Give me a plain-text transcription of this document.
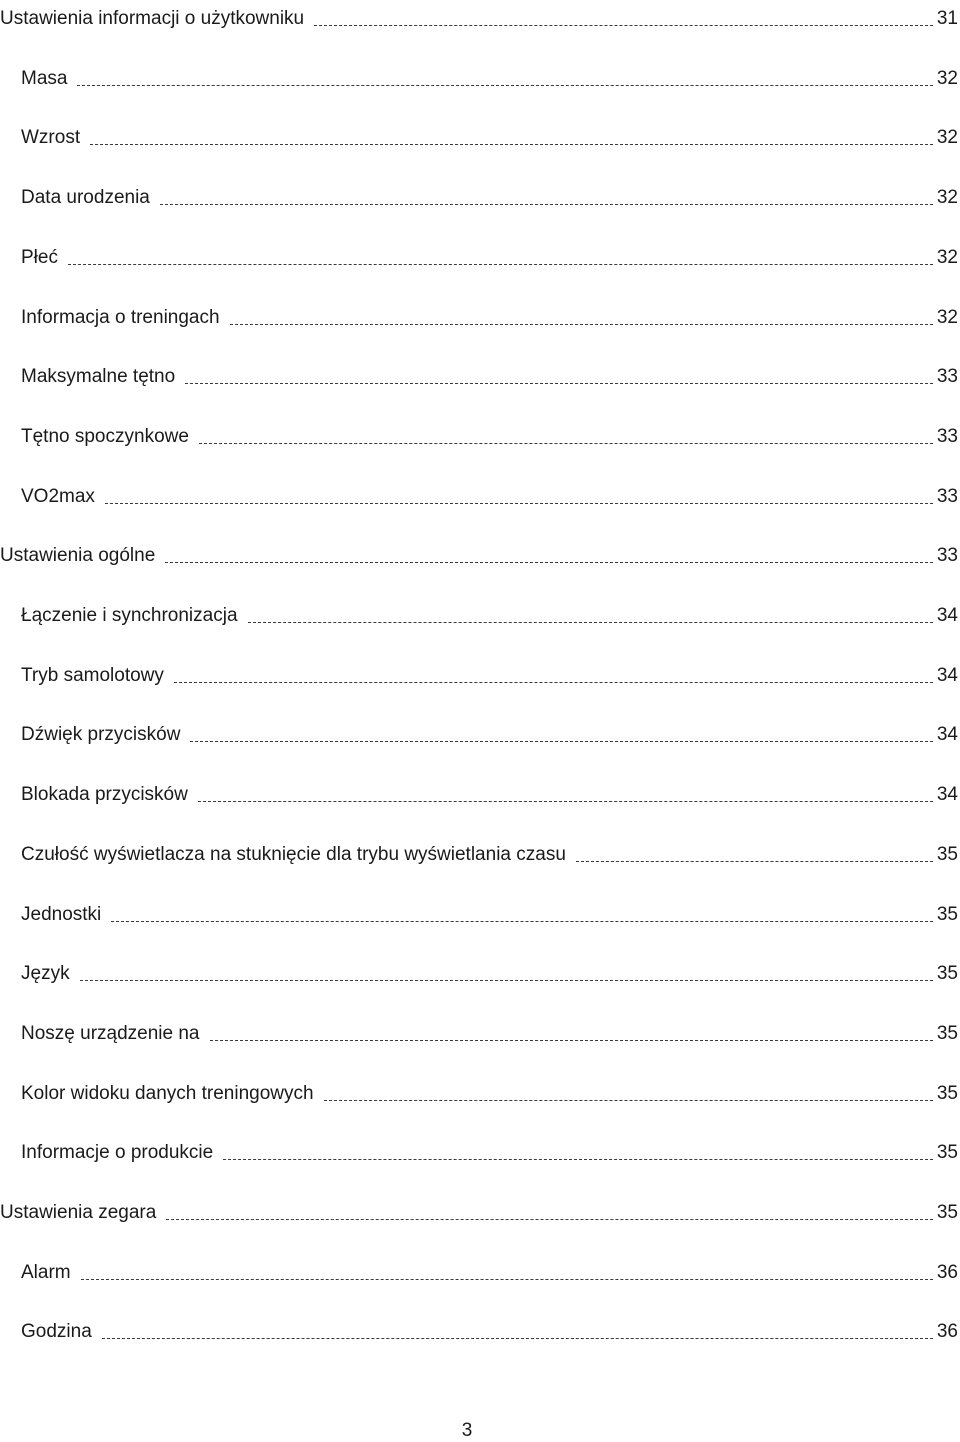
Ustawienia informacji o użytkowniku	31
Masa	32
Wzrost	32
Data urodzenia	32
Płeć	32
Informacja o treningach	32
Maksymalne tętno	33
Tętno spoczynkowe	33
VO2max	33
Ustawienia ogólne	33
Łączenie i synchronizacja	34
Tryb samolotowy	34
Dźwięk przycisków	34
Blokada przycisków	34
Czułość wyświetlacza na stuknięcie dla trybu wyświetlania czasu	35
Jednostki	35
Język	35
Noszę urządzenie na	35
Kolor widoku danych treningowych	35
Informacje o produkcie	35
Ustawienia zegara	35
Alarm	36
Godzina	36
3
